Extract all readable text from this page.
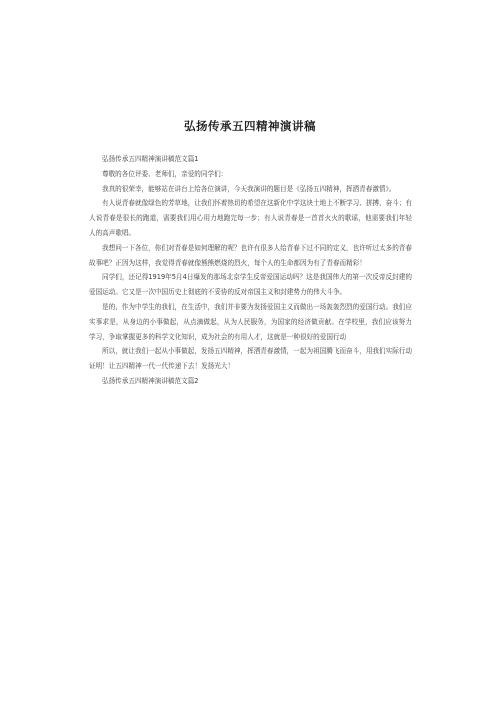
弘扬传承五四精神演讲稿

弘扬传承五四精神演讲稿范文篇1

尊敬的各位评委、老师们，亲爱的同学们：

我真的很荣幸，能够站在讲台上给各位演讲，今天我演讲的题目是《弘扬五四精神，挥洒青春激情》。

有人说青春就像绿色的芳草地，让我们怀着热切的希望在这新化中学这块土地上不断学习、拼搏、奋斗；有人说青春是很长的跑道，需要我们用心用力地跑完每一步；有人说青春是一首首火火的歌谣，他需要我们年轻人的高声歌唱。

我想问一下各位，你们对青春是如何理解的呢？也许有很多人给青春下过不同的定义，也许听过太多的青春故事吧？正因为这样，我觉得青春就像熊熊燃烧的烈火，每个人的生命都因为有了青春而精彩！

同学们，还记得1919年5月4日爆发的那场北京学生反帝爱国运动吗？这是我国伟大的第一次反帝反封建的爱国运动。它又是一次中国历史上彻底的不妥协的反对帝国主义和封建势力的伟大斗争。

是的，作为中学生的我们，在生活中，我们并非要为发扬爱国主义而做出一场轰轰烈烈的爱国行动。我们应实事求是，从身边的小事做起，从点滴做起，从为人民服务，为国家的经济做贡献。在学校里，我们应该努力学习，争取掌握更多的科学文化知识，成为社会的有用人才，这就是一种很好的爱国行动

所以，就让我们一起从小事做起，发扬五四精神，挥洒青春激情，一起为祖国腾飞而奋斗，用我们实际行动证明！让五四精神一代一代传递下去！发扬光大！

弘扬传承五四精神演讲稿范文篇2
